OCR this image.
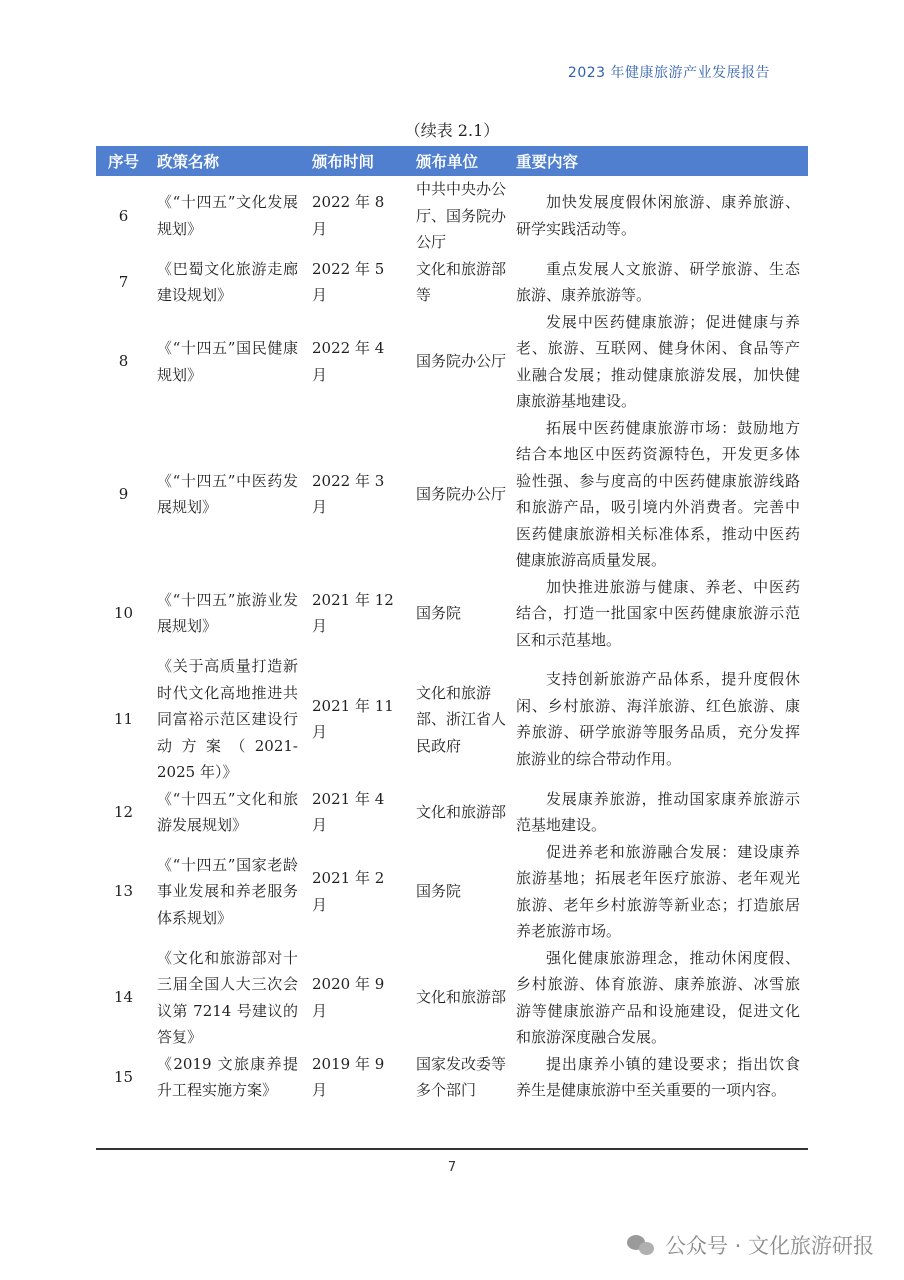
2023 年健康旅游产业发展报告
（续表 2.1）
序号	政策名称	颁布时间	颁布单位	重要内容
6	《“十四五”文化发展规划》	2022 年 8 月	中共中央办公厅、国务院办公厅	加快发展度假休闲旅游、康养旅游、研学实践活动等。
7	《巴蜀文化旅游走廊建设规划》	2022 年 5 月	文化和旅游部等	重点发展人文旅游、研学旅游、生态旅游、康养旅游等。
8	《“十四五”国民健康规划》	2022 年 4 月	国务院办公厅	发展中医药健康旅游；促进健康与养老、旅游、互联网、健身休闲、食品等产业融合发展；推动健康旅游发展，加快健康旅游基地建设。
9	《“十四五”中医药发展规划》	2022 年 3 月	国务院办公厅	拓展中医药健康旅游市场：鼓励地方结合本地区中医药资源特色，开发更多体验性强、参与度高的中医药健康旅游线路和旅游产品，吸引境内外消费者。完善中医药健康旅游相关标准体系，推动中医药健康旅游高质量发展。
10	《“十四五”旅游业发展规划》	2021 年 12 月	国务院	加快推进旅游与健康、养老、中医药结合，打造一批国家中医药健康旅游示范区和示范基地。
11	《关于高质量打造新时代文化高地推进共同富裕示范区建设行动方案（2021-2025 年）》	2021 年 11 月	文化和旅游部、浙江省人民政府	支持创新旅游产品体系，提升度假休闲、乡村旅游、海洋旅游、红色旅游、康养旅游、研学旅游等服务品质，充分发挥旅游业的综合带动作用。
12	《“十四五”文化和旅游发展规划》	2021 年 4 月	文化和旅游部	发展康养旅游，推动国家康养旅游示范基地建设。
13	《“十四五”国家老龄事业发展和养老服务体系规划》	2021 年 2 月	国务院	促进养老和旅游融合发展：建设康养旅游基地；拓展老年医疗旅游、老年观光旅游、老年乡村旅游等新业态；打造旅居养老旅游市场。
14	《文化和旅游部对十三届全国人大三次会议第 7214 号建议的答复》	2020 年 9 月	文化和旅游部	强化健康旅游理念，推动休闲度假、乡村旅游、体育旅游、康养旅游、冰雪旅游等健康旅游产品和设施建设，促进文化和旅游深度融合发展。
15	《2019 文旅康养提升工程实施方案》	2019 年 9 月	国家发改委等多个部门	提出康养小镇的建设要求；指出饮食养生是健康旅游中至关重要的一项内容。
7
公众号 · 文化旅游研报
